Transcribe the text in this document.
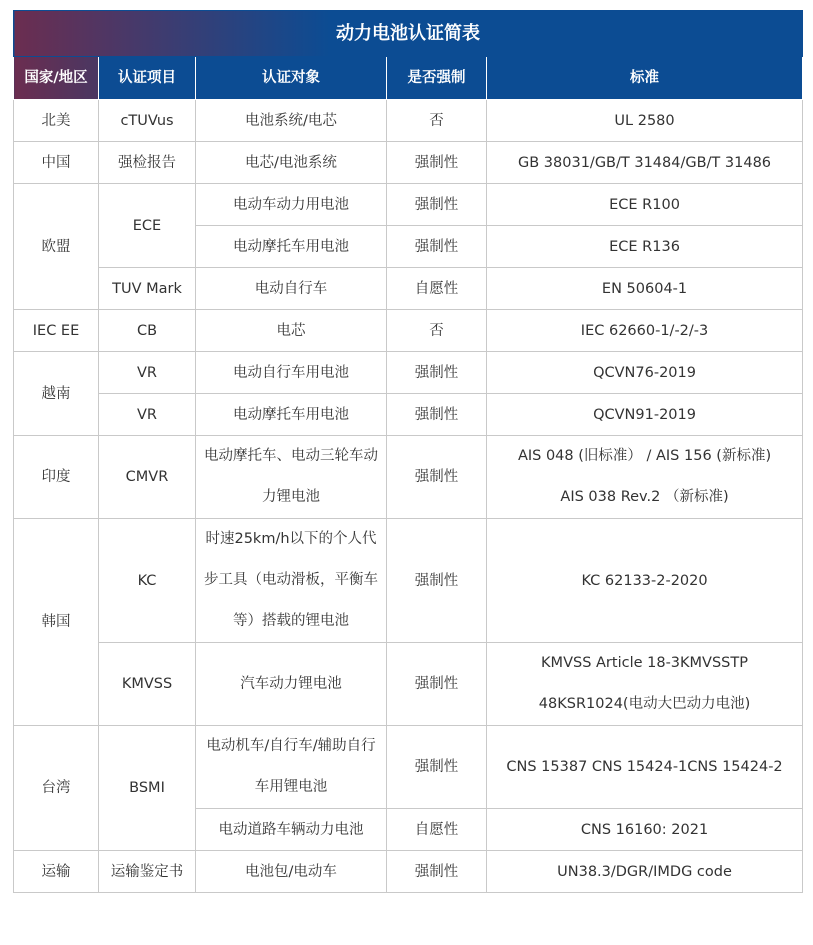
动力电池认证简表				
国家/地区	认证项目	认证对象	是否强制	标准
北美	cTUVus	电池系统/电芯	否	UL 2580
中国	强检报告	电芯/电池系统	强制性	GB 38031/GB/T 31484/GB/T 31486
欧盟	ECE	电动车动力用电池	强制性	ECE R100
		电动摩托车用电池	强制性	ECE R136
	TUV Mark	电动自行车	自愿性	EN 50604-1
IEC EE	CB	电芯	否	IEC 62660-1/-2/-3
越南	VR	电动自行车用电池	强制性	QCVN76-2019
	VR	电动摩托车用电池	强制性	QCVN91-2019
印度	CMVR	电动摩托车、电动三轮车动力锂电池	强制性	AIS 048 (旧标准） / AIS 156 (新标准)　　AIS 038 Rev.2 （新标准)
韩国	KC	时速25km/h以下的个人代步工具（电动滑板，平衡车等）搭载的锂电池	强制性	KC 62133-2-2020
	KMVSS	汽车动力锂电池	强制性	KMVSS Article 18-3KMVSSTP 48KSR1024(电动大巴动力电池)
台湾	BSMI	电动机车/自行车/辅助自行车用锂电池	强制性	CNS 15387 CNS 15424-1CNS 15424-2
		电动道路车辆动力电池	自愿性	CNS 16160: 2021
运输	运输鉴定书	电池包/电动车	强制性	UN38.3/DGR/IMDG code
